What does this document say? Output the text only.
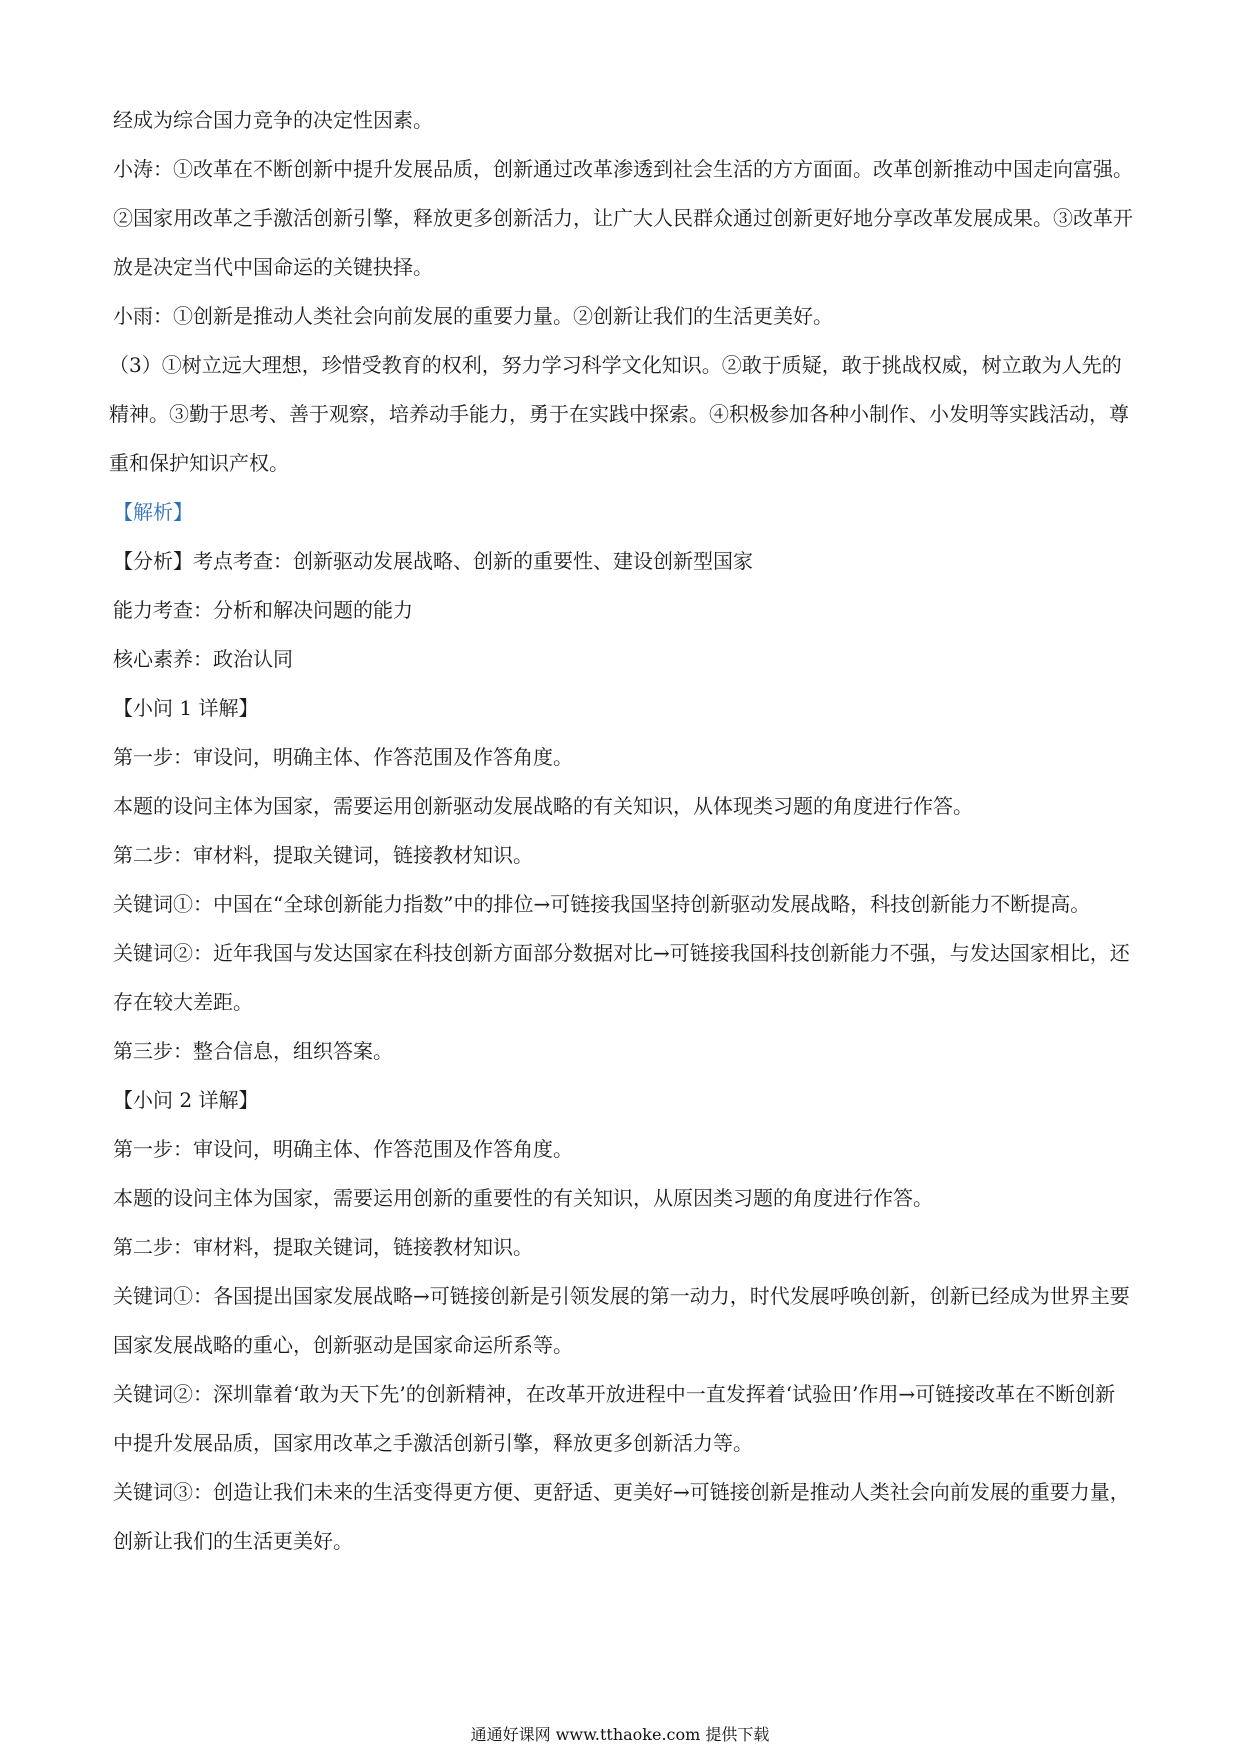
经成为综合国力竞争的决定性因素。

小涛：①改革在不断创新中提升发展品质，创新通过改革渗透到社会生活的方方面面。改革创新推动中国走向富强。 ②国家用改革之手激活创新引擎，释放更多创新活力，让广大人民群众通过创新更好地分享改革发展成果。③改革开放是决定当代中国命运的关键抉择。

小雨：①创新是推动人类社会向前发展的重要力量。②创新让我们的生活更美好。

（3）①树立远大理想，珍惜受教育的权利，努力学习科学文化知识。②敢于质疑，敢于挑战权威，树立敢为人先的精神。③勤于思考、善于观察，培养动手能力，勇于在实践中探索。④积极参加各种小制作、小发明等实践活动，尊重和保护知识产权。

【解析】

【分析】考点考查：创新驱动发展战略、创新的重要性、建设创新型国家

能力考查：分析和解决问题的能力

核心素养：政治认同

【小问 1 详解】

第一步：审设问，明确主体、作答范围及作答角度。

本题的设问主体为国家，需要运用创新驱动发展战略的有关知识，从体现类习题的角度进行作答。

第二步：审材料，提取关键词，链接教材知识。

关键词①：中国在“全球创新能力指数”中的排位→可链接我国坚持创新驱动发展战略，科技创新能力不断提高。

关键词②：近年我国与发达国家在科技创新方面部分数据对比→可链接我国科技创新能力不强，与发达国家相比，还存在较大差距。

第三步：整合信息，组织答案。

【小问 2 详解】

第一步：审设问，明确主体、作答范围及作答角度。

本题的设问主体为国家，需要运用创新的重要性的有关知识，从原因类习题的角度进行作答。

第二步：审材料，提取关键词，链接教材知识。

关键词①：各国提出国家发展战略→可链接创新是引领发展的第一动力，时代发展呼唤创新，创新已经成为世界主要国家发展战略的重心，创新驱动是国家命运所系等。

关键词②：深圳靠着‘敢为天下先’的创新精神，在改革开放进程中一直发挥着‘试验田’作用→可链接改革在不断创新中提升发展品质，国家用改革之手激活创新引擎，释放更多创新活力等。

关键词③：创造让我们未来的生活变得更方便、更舒适、更美好→可链接创新是推动人类社会向前发展的重要力量，创新让我们的生活更美好。

通通好课网 www.tthaoke.com 提供下载
